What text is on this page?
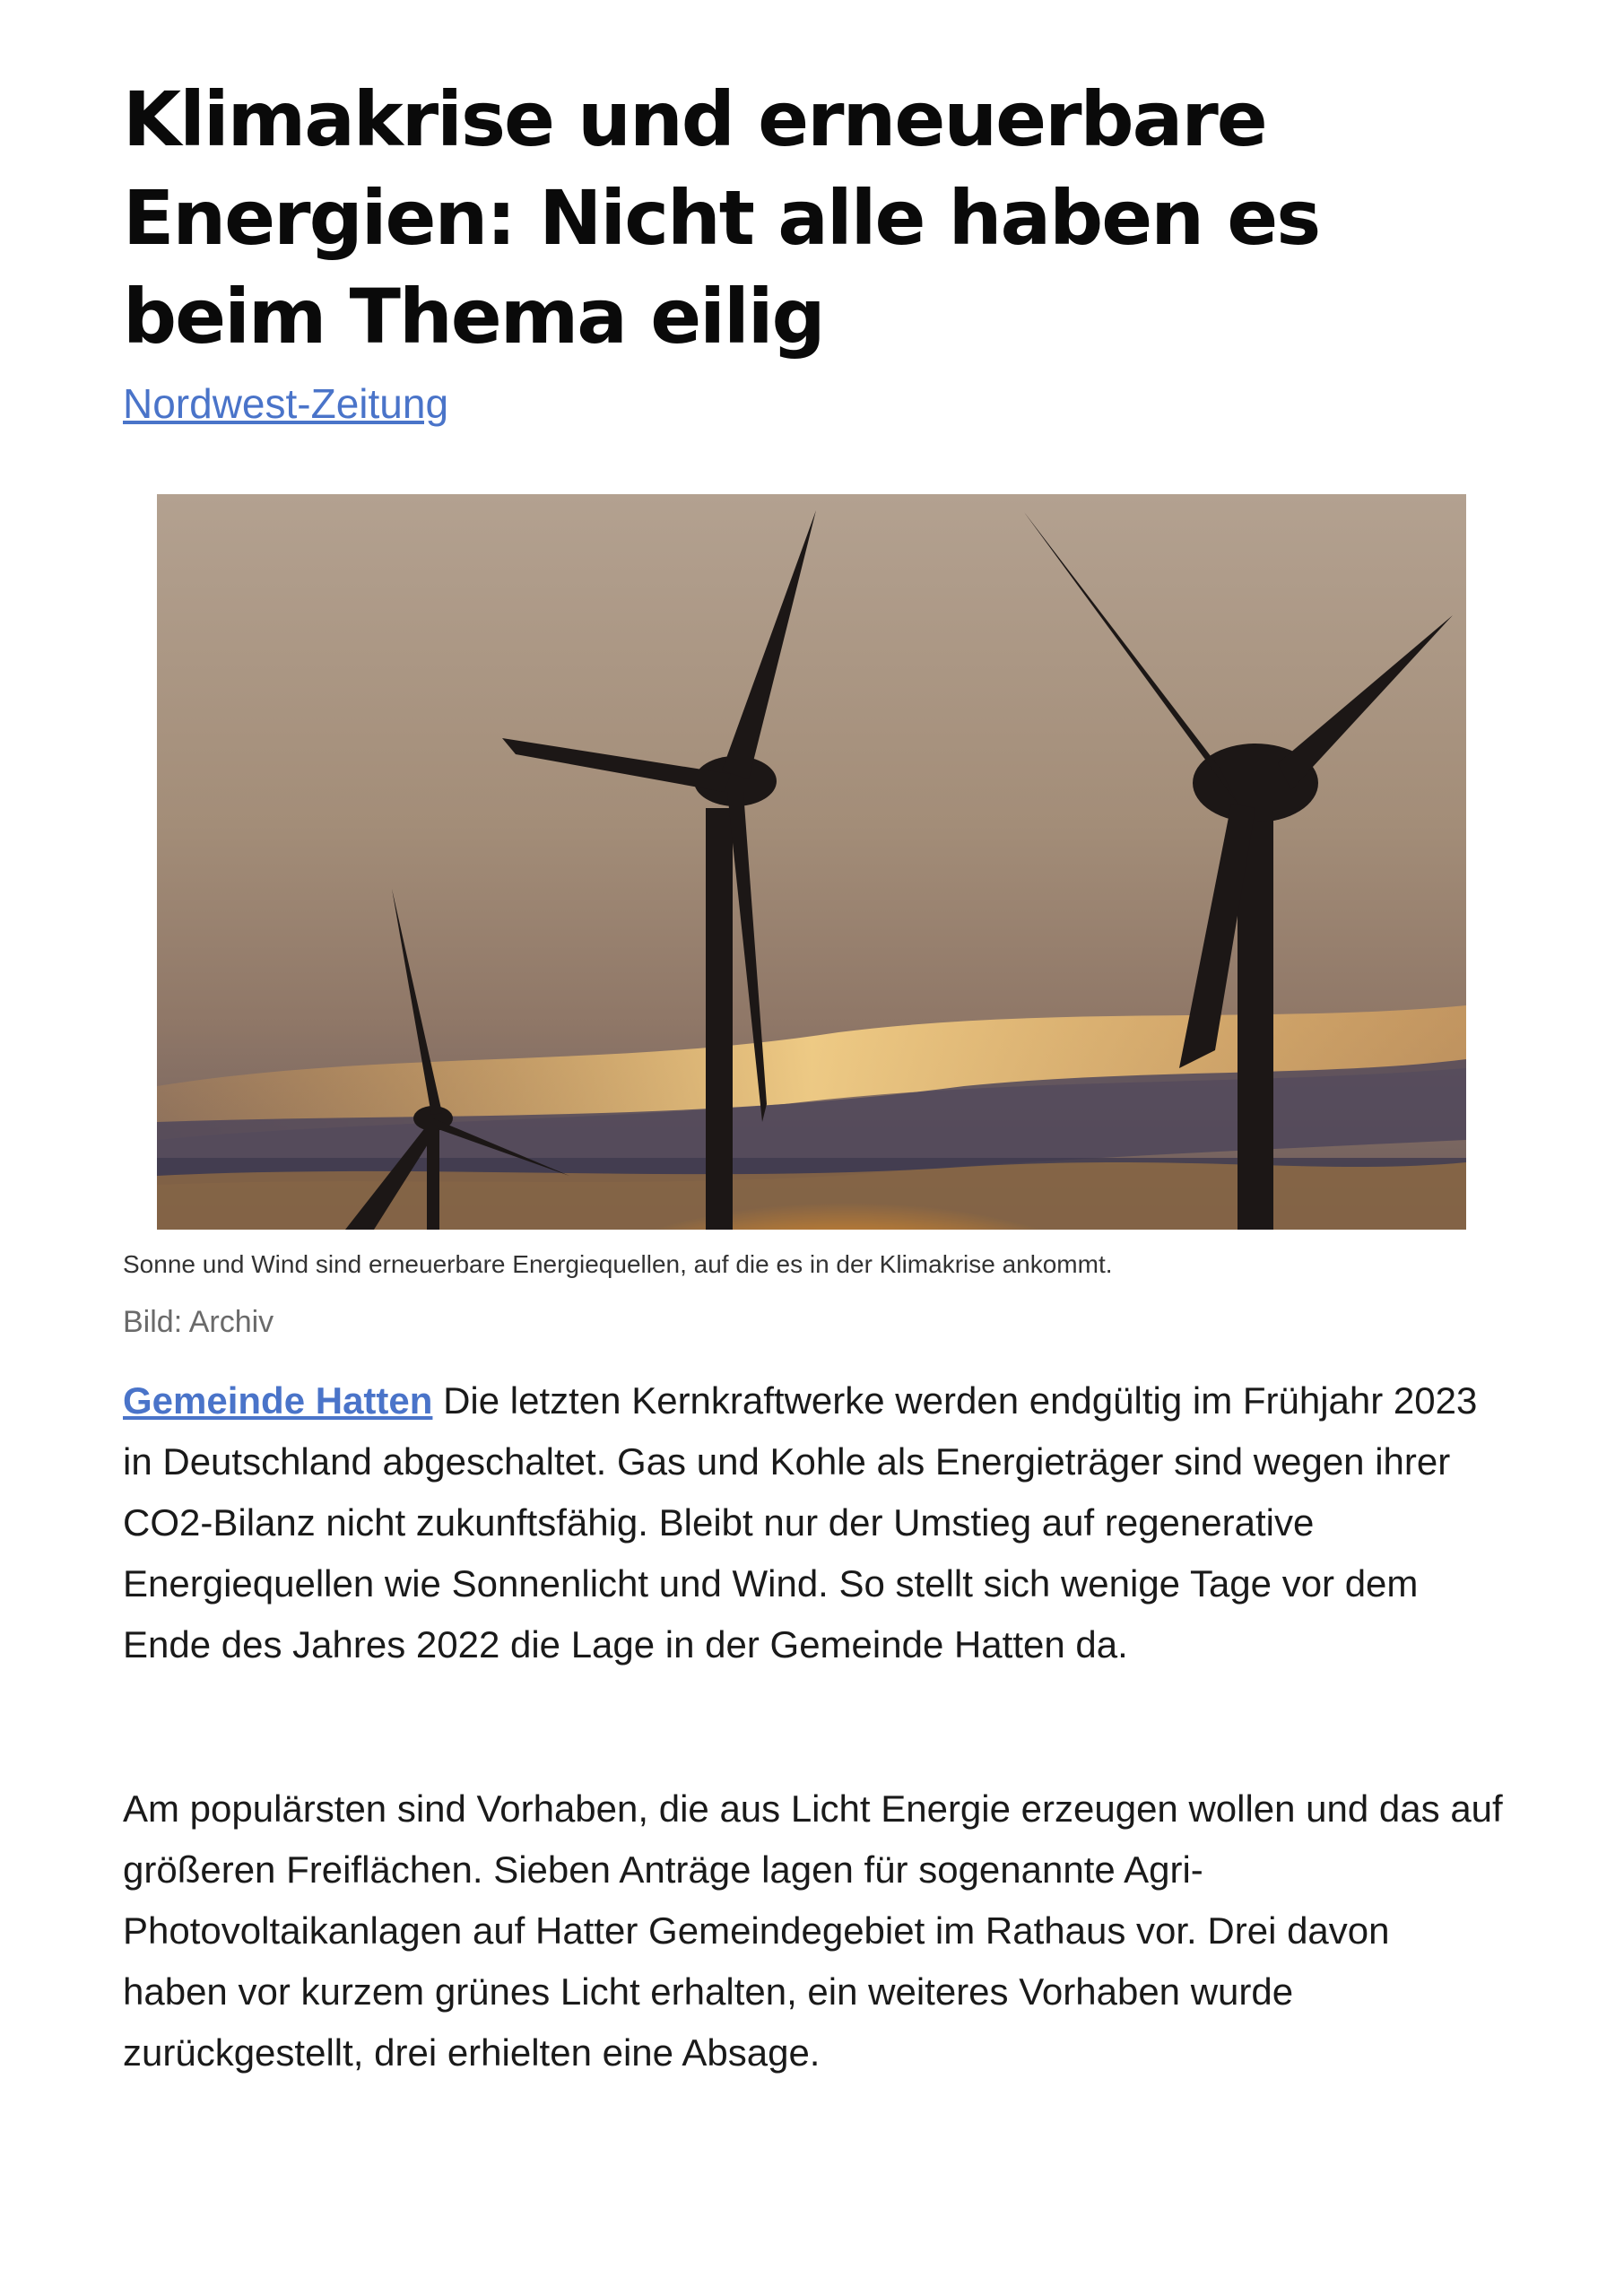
Klimakrise und erneuerbare Energien: Nicht alle haben es beim Thema eilig
Nordwest-Zeitung

Sonne und Wind sind erneuerbare Energiequellen, auf die es in der Klimakrise ankommt.

Bild: Archiv

Gemeinde Hatten Die letzten Kernkraftwerke werden endgültig im Frühjahr 2023 in Deutschland abgeschaltet. Gas und Kohle als Energieträger sind wegen ihrer CO2-Bilanz nicht zukunftsfähig. Bleibt nur der Umstieg auf regenerative Energiequellen wie Sonnenlicht und Wind. So stellt sich wenige Tage vor dem Ende des Jahres 2022 die Lage in der Gemeinde Hatten da.

Am populärsten sind Vorhaben, die aus Licht Energie erzeugen wollen und das auf größeren Freiflächen. Sieben Anträge lagen für sogenannte Agri-Photovoltaikanlagen auf Hatter Gemeindegebiet im Rathaus vor. Drei davon haben vor kurzem grünes Licht erhalten, ein weiteres Vorhaben wurde zurückgestellt, drei erhielten eine Absage.
